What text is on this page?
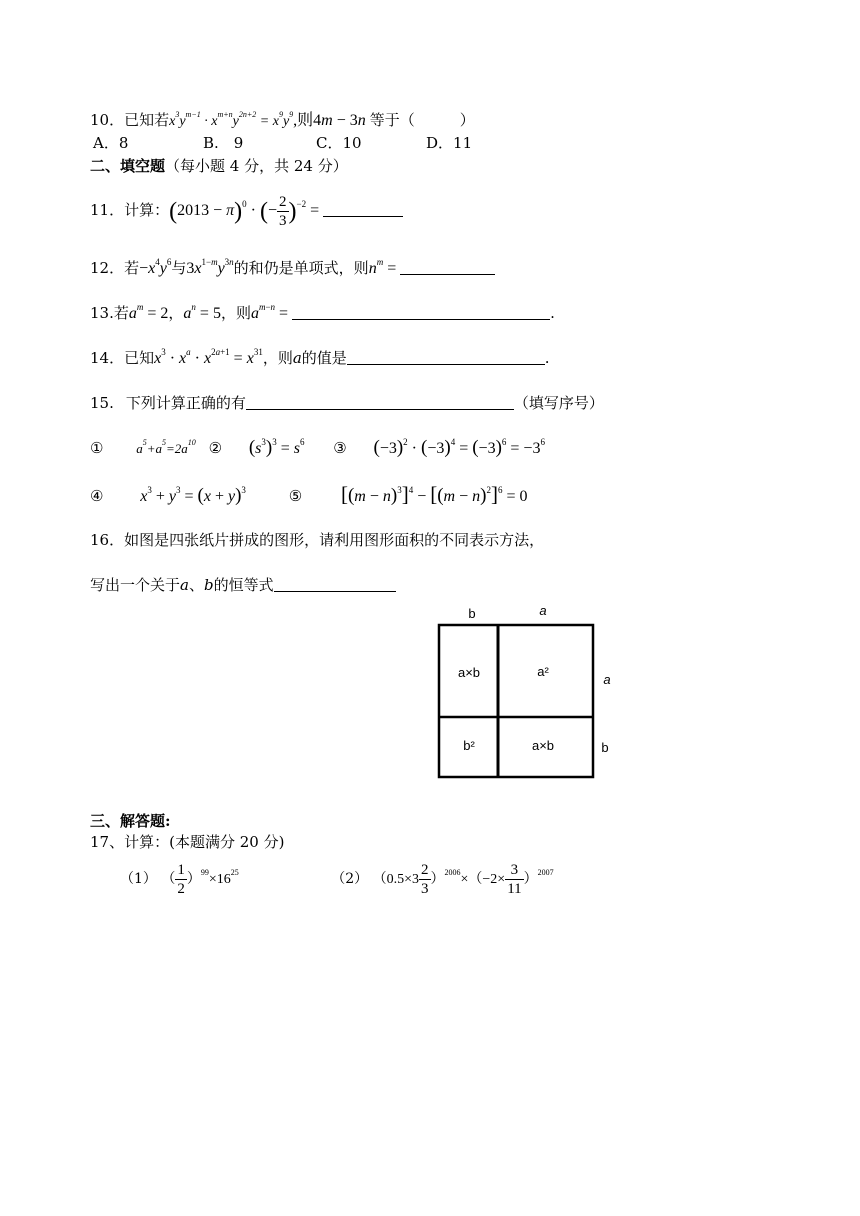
10．已知若$x^3y^{m-1} \cdot x^{m+n}y^{2n+2} = x^9y^9$,则4m − 3n 等于（　　　）
A．8	B.　9	C．10	D．11
二、填空题（每小题 4 分，共 24 分）
11．计算：$(2013 - \pi)^0$ · (− $\frac{2}{3} )^{-2}$ =
12．若$-x^4y^6$与$3x^{1-m}y^{3n}$的和仍是单项式，则$n^m$ =
13.若$a^m = 2$，$a^n = 5$，则$a^{m-n}$ =	.
14．已知$x^3 \cdot x^a \cdot x^{2a+1} = x^{31}$，则a的值是	.
15. 下列计算正确的有	（填写序号）
①	$a^5+a^5=2a^{10}$ ② $(s^3)^3 = s^6$ ③ $(-3)^2 \cdot (-3)^4 = (-3)^6 = -3^6$
④ $x^3 + y^3 = (x + y)^3$	⑤ $[(m - n)^3]^4 - [(m - n)^2]^6 = 0$
16．如图是四张纸片拼成的图形，请利用图形面积的不同表示方法，
写出一个关于a、b的恒等式
b	a
a×b	a²
b²	a×b
a
b
三、解答题:
17、计算：(本题满分 20 分)
（1） （ $\frac{1}{2} )^{99}\times 16^{25}$	（2） $(0.5\times 3 \frac{2}{3} )^{2006}\times(-2\times \frac{3}{11} )^{2007}$
